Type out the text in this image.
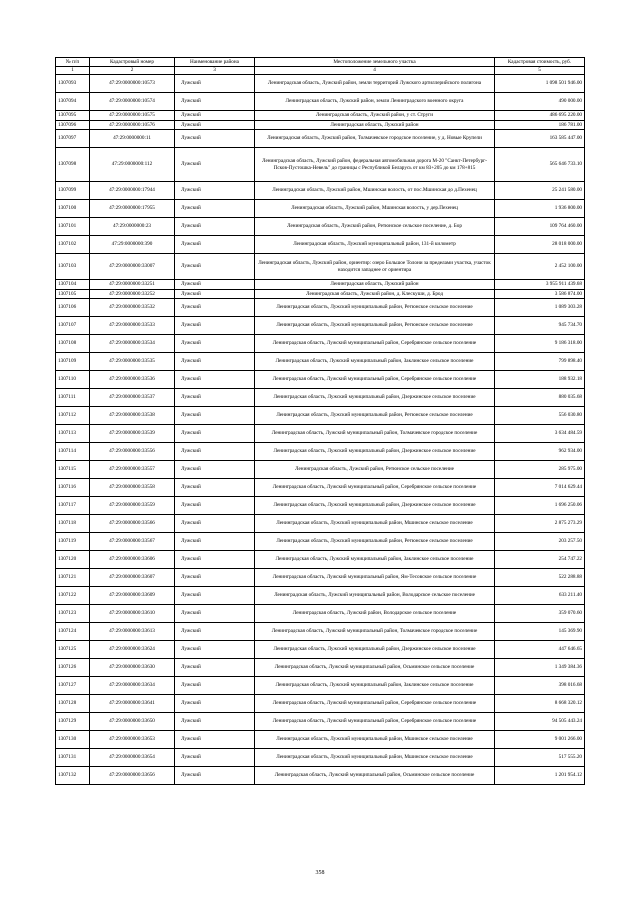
№ п/п	Кадастровый номер	Наименование района	Местоположение земельного участка	Кадастровая стоимость, руб.
1	2	3	4	5
1307093	47:29:0000000:10573	Лужский	Ленинградская область, Лужский район, земли территорий Лужского артиллерийского полигона	1 098 501 946.00
1307094	47:29:0000000:10574	Лужский	Ленинградская область, Лужский район, земли Ленинградского военного округа	490 000.00
1307095	47:29:0000000:10575	Лужский	Ленинградская область, Лужский район, у ст. Струги	486 695 220.00
1307096	47:29:0000000:10576	Лужский	Ленинградская область, Лужский район	186 781.00
1307097	47:29:0000000:11	Лужский	Ленинградская область, Лужский район, Толмачевское городское поселение, у д. Новые Крупели	163 585 447.00
1307098	47:29:0000000:112	Лужский	Ленинградская область, Лужский район, федеральная автомобильная дорога М-20 "Санкт-Петербург-Псков-Пустошка-Невель" до границы с Республикой Беларусь от км 83+205 до км 178+815	565 646 733.10
1307099	47:29:0000000:17944	Лужский	Ленинградская область, Лужский район, Мшинская волость, от пос.Мшинская до д.Пехенец	25 241 580.00
1307100	47:29:0000000:17955	Лужский	Ленинградская область, Лужский район, Мшинская волость, у дер.Пехенец	1 936 800.00
1307101	47:29:0000000:23	Лужский	Ленинградская область, Лужский район, Ретюнское сельское поселение, д. Бор	109 764 460.00
1307102	47:29:0000000:390	Лужский	Ленинградская область, Лужский муниципальный район, 131-й километр	28 018 000.00
1307103	47:29:0000000:33007	Лужский	Ленинградская область, Лужский район, ориентир: озеро Большое Толони за пределами участка, участок находится западнее от ориентира	2 452 100.00
1307104	47:29:0000000:33251	Лужский	Ленинградская область, Лужский район	3 955 911 439.68
1307105	47:29:0000000:33252	Лужский	Ленинградская область, Лужский район, д. Клескуши, д. Брод	3 586 874.00
1307106	47:29:0000000:33532	Лужский	Ленинградская область, Лужский муниципальный район, Ретюнское сельское поселение	1 089 303.28
1307107	47:29:0000000:33533	Лужский	Ленинградская область, Лужский муниципальный район, Ретюнское сельское поселение	945 734.70
1307108	47:29:0000000:33534	Лужский	Ленинградская область, Лужский муниципальный район, Серебрянское сельское поселение	9 186 318.00
1307109	47:29:0000000:33535	Лужский	Ленинградская область, Лужский муниципальный район, Заклинское сельское поселение	799 898.40
1307110	47:29:0000000:33536	Лужский	Ленинградская область, Лужский муниципальный район, Серебрянское сельское поселение	188 932.18
1307111	47:29:0000000:33537	Лужский	Ленинградская область, Лужский муниципальный район, Дзержинское сельское поселение	880 035.68
1307112	47:29:0000000:33538	Лужский	Ленинградская область, Лужский муниципальный район, Ретюнское сельское поселение	556 030.80
1307113	47:29:0000000:33539	Лужский	Ленинградская область, Лужский муниципальный район, Толмачевское городское поселение	3 634 484.59
1307114	47:29:0000000:33556	Лужский	Ленинградская область, Лужский муниципальный район, Дзержинское сельское поселение	962 934.00
1307115	47:29:0000000:33557	Лужский	Ленинградская область, Лужский район, Ретюнское сельское поселение	285 975.00
1307116	47:29:0000000:33558	Лужский	Ленинградская область, Лужский муниципальный район, Серебрянское сельское поселение	7 014 629.44
1307117	47:29:0000000:33559	Лужский	Ленинградская область, Лужский муниципальный район, Дзержинское сельское поселение	1 696 250.06
1307118	47:29:0000000:33566	Лужский	Ленинградская область, Лужский муниципальный район, Мшинское сельское поселение	2 875 273.29
1307119	47:29:0000000:33567	Лужский	Ленинградская область, Лужский муниципальный район, Ретюнское сельское поселение	203 257.50
1307120	47:29:0000000:33606	Лужский	Ленинградская область, Лужский муниципальный район, Заклинское сельское поселение	254 747.22
1307121	47:29:0000000:33607	Лужский	Ленинградская область, Лужский муниципальный район, Ям-Тесовское сельское поселение	522 288.88
1307122	47:29:0000000:33609	Лужский	Ленинградская область, Лужский муниципальный район, Володарское сельское поселение	633 211.40
1307123	47:29:0000000:33610	Лужский	Ленинградская область, Лужский район, Володарское сельское поселение	359 070.60
1307124	47:29:0000000:33613	Лужский	Ленинградская область, Лужский муниципальный район, Толмачевское городское поселение	145 369.90
1307125	47:29:0000000:33624	Лужский	Ленинградская область, Лужский муниципальный район, Дзержинское сельское поселение	447 646.65
1307126	47:29:0000000:33630	Лужский	Ленинградская область, Лужский муниципальный район, Осьминское сельское поселение	1 349 384.36
1307127	47:29:0000000:33634	Лужский	Ленинградская область, Лужский муниципальный район, Заклинское сельское поселение	398 016.68
1307128	47:29:0000000:33641	Лужский	Ленинградская область, Лужский муниципальный район, Серебрянское сельское поселение	8 668 320.12
1307129	47:29:0000000:33650	Лужский	Ленинградская область, Лужский муниципальный район, Серебрянское сельское поселение	94 505 443.24
1307130	47:29:0000000:33653	Лужский	Ленинградская область, Лужский муниципальный район, Мшинское сельское поселение	9 001 266.00
1307131	47:29:0000000:33654	Лужский	Ленинградская область, Лужский муниципальный район, Мшинское сельское поселение	517 555.20
1307132	47:29:0000000:33656	Лужский	Ленинградская область, Лужский муниципальный район, Осьминское сельское поселение	1 201 954.12
358
